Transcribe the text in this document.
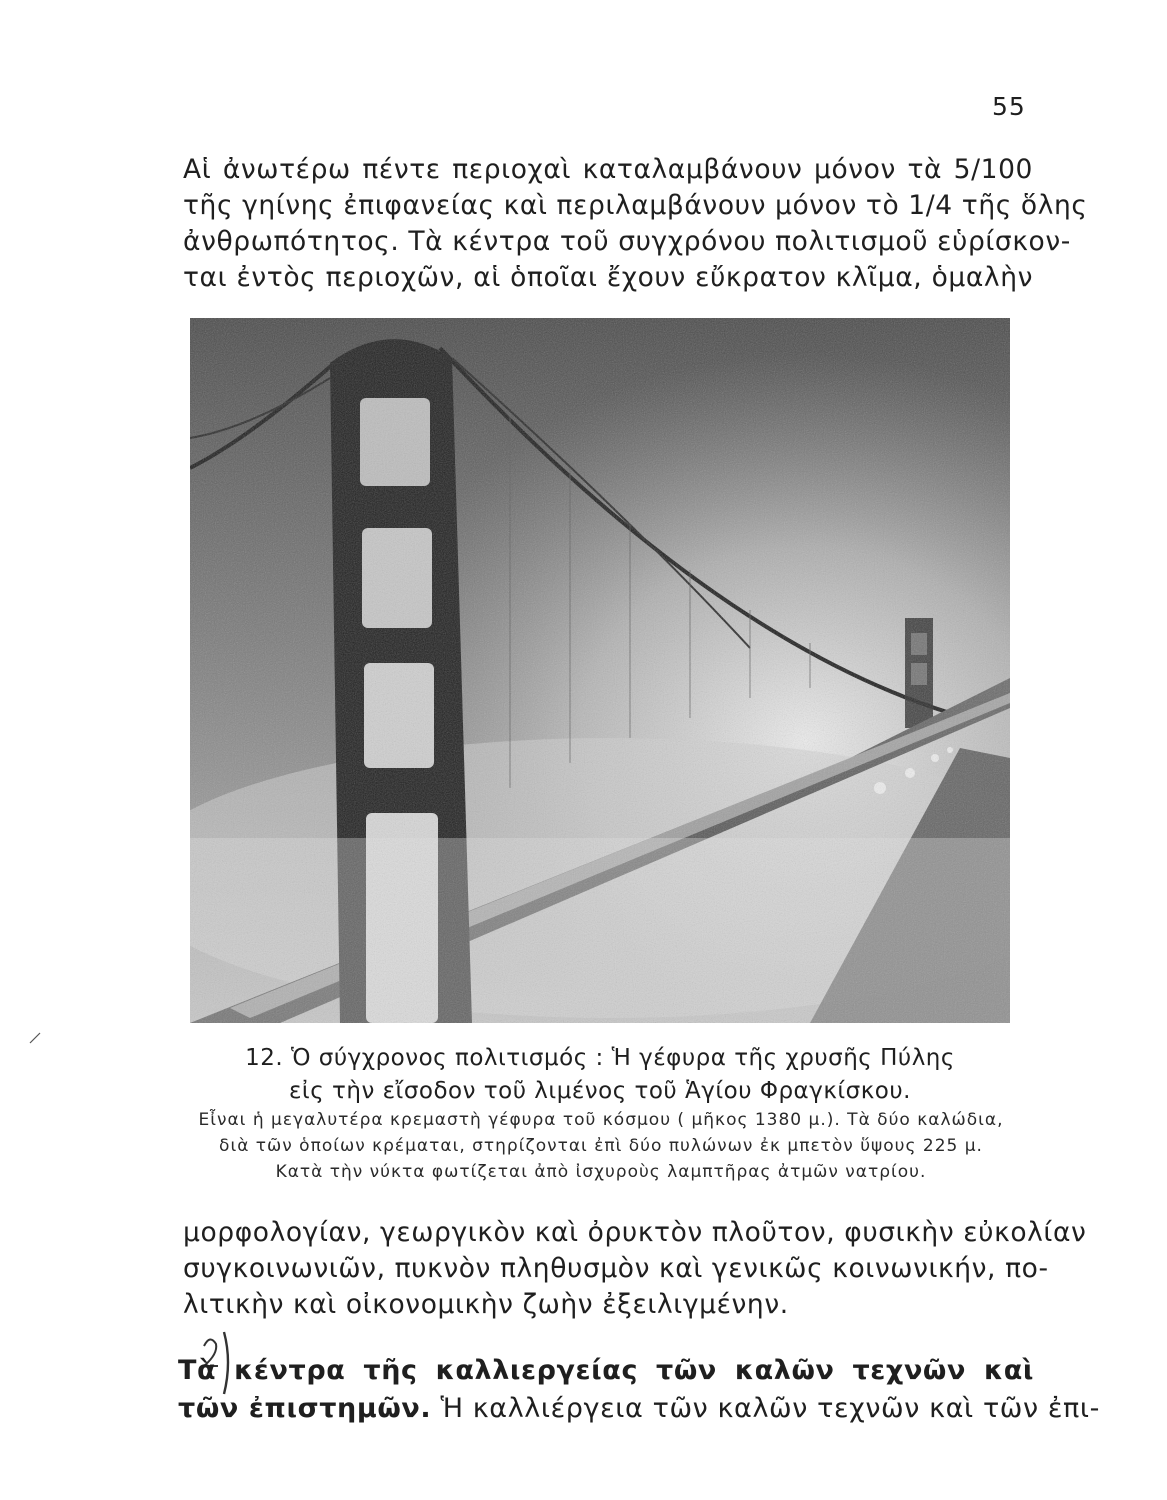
55

Αἱ ἀνωτέρω πέντε περιοχαὶ καταλαμβάνουν μόνον τὰ 5/100
τῆς γηίνης ἐπιφανείας καὶ περιλαμβάνουν μόνον τὸ 1/4 τῆς ὅλης
ἀνθρωπότητος. Τὰ κέντρα τοῦ συγχρόνου πολιτισμοῦ εὑρίσκον-
ται ἐντὸς περιοχῶν, αἱ ὁποῖαι ἔχουν εὔκρατον κλῖμα, ὁμαλὴν

12. Ὁ σύγχρονος πολιτισμός : Ἡ γέφυρα τῆς χρυσῆς Πύλης
εἰς τὴν εἴσοδον τοῦ λιμένος τοῦ Ἁγίου Φραγκίσκου.
Εἶναι ἡ μεγαλυτέρα κρεμαστὴ γέφυρα τοῦ κόσμου ( μῆκος 1380 μ.). Τὰ δύο καλώδια,
διὰ τῶν ὁποίων κρέμαται, στηρίζονται ἐπὶ δύο πυλώνων ἐκ μπετὸν ὕψους 225 μ.
Κατὰ τὴν νύκτα φωτίζεται ἀπὸ ἰσχυροὺς λαμπτῆρας ἀτμῶν νατρίου.

μορφολογίαν, γεωργικὸν καὶ ὀρυκτὸν πλοῦτον, φυσικὴν εὐκολίαν
συγκοινωνιῶν, πυκνὸν πληθυσμὸν καὶ γενικῶς κοινωνικήν, πο-
λιτικὴν καὶ οἰκονομικὴν ζωὴν ἐξειλιγμένην.

Τὰ κέντρα τῆς καλλιεργείας τῶν καλῶν τεχνῶν καὶ
τῶν ἐπιστημῶν. Ἡ καλλιέργεια τῶν καλῶν τεχνῶν καὶ τῶν ἐπι-
